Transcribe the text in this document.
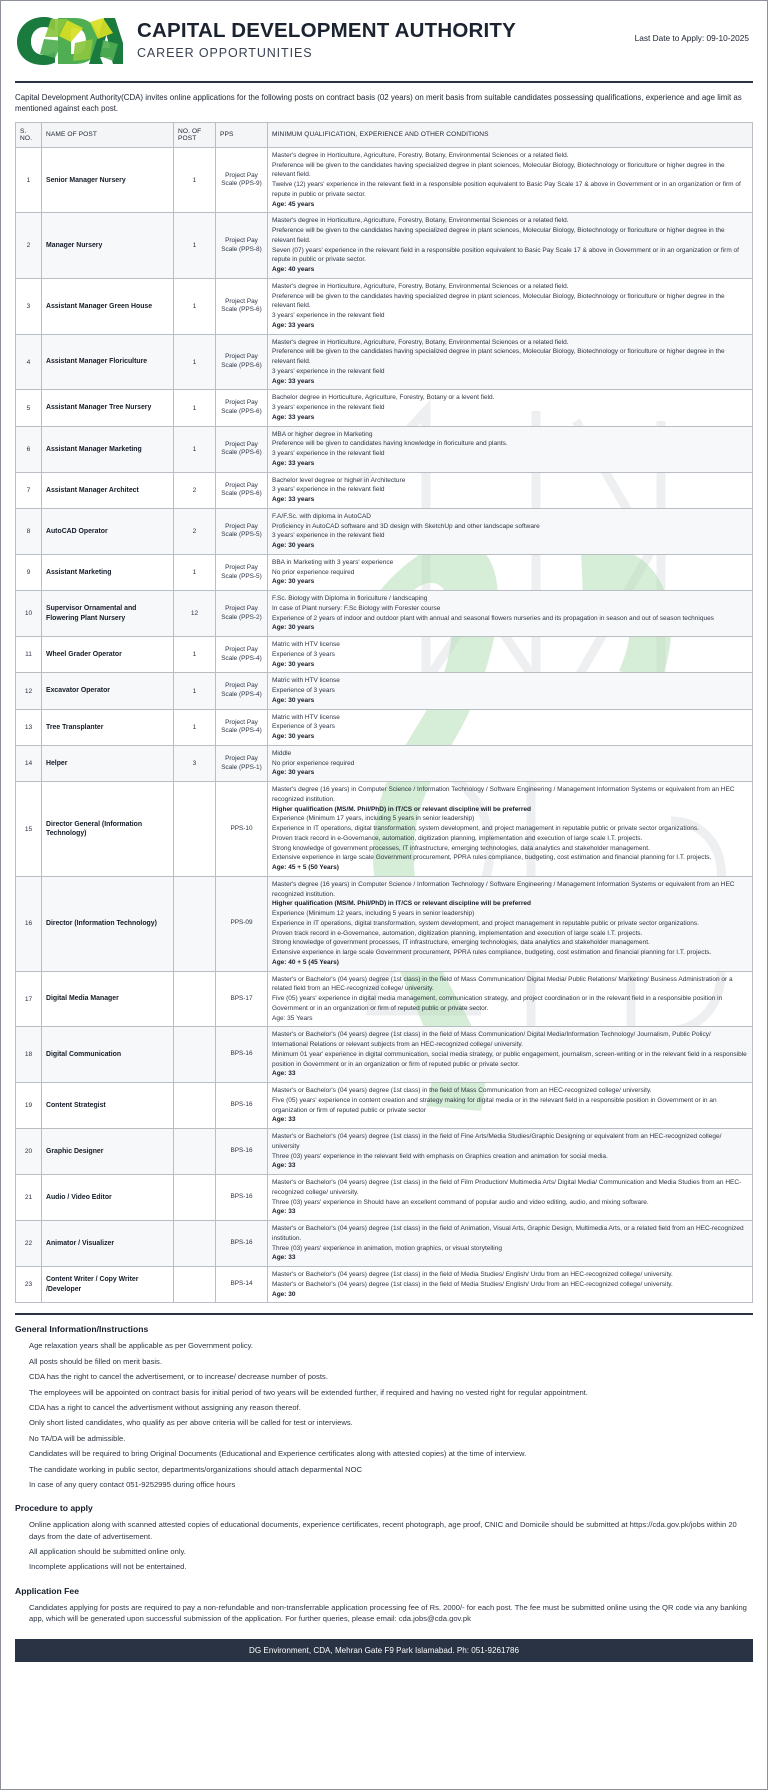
CAPITAL DEVELOPMENT AUTHORITY
CAREER OPPORTUNITIES
Last Date to Apply: 09-10-2025

Capital Development Authority(CDA) invites online applications for the following posts on contract basis (02 years) on merit basis from suitable candidates possessing qualifications, experience and age limit as mentioned against each post.

S. NO.	NAME OF POST	NO. OF POST	PPS	MINIMUM QUALIFICATION, EXPERIENCE AND OTHER CONDITIONS
1	Senior Manager Nursery	1	Project Pay Scale (PPS-9)	Master's degree in Horticulture, Agriculture, Forestry, Botany, Environmental Sciences or a related field.
Preference will be given to the candidates having specialized degree in plant sciences, Molecular Biology, Biotechnology or floriculture or higher degree in the relevant field.
Twelve (12) years' experience in the relevant field in a responsible position equivalent to Basic Pay Scale 17 & above in Government or in an organization or firm of repute in public or private sector.
Age: 45 years

2	Manager Nursery	1	Project Pay Scale (PPS-8)	Master's degree in Horticulture, Agriculture, Forestry, Botany, Environmental Sciences or a related field.
Preference will be given to the candidates having specialized degree in plant sciences, Molecular Biology, Biotechnology or floriculture or higher degree in the relevant field.
Seven (07) years' experience in the relevant field in a responsible position equivalent to Basic Pay Scale 17 & above in Government or in an organization or firm of repute in public or private sector.
Age: 40 years

3	Assistant Manager Green House	1	Project Pay Scale (PPS-6)	Master's degree in Horticulture, Agriculture, Forestry, Botany, Environmental Sciences or a related field.
Preference will be given to the candidates having specialized degree in plant sciences, Molecular Biology, Biotechnology or floriculture or higher degree in the relevant field.
3 years' experience in the relevant field
Age: 33 years

4	Assistant Manager Floriculture	1	Project Pay Scale (PPS-6)	Master's degree in Horticulture, Agriculture, Forestry, Botany, Environmental Sciences or a related field.
Preference will be given to the candidates having specialized degree in plant sciences, Molecular Biology, Biotechnology or floriculture or higher degree in the relevant field.
3 years' experience in the relevant field
Age: 33 years

5	Assistant Manager Tree Nursery	1	Project Pay Scale (PPS-6)	Bachelor degree in Horticulture, Agriculture, Forestry, Botany or a levent field.
3 years' experience in the relevant field
Age: 33 years

6	Assistant Manager Marketing	1	Project Pay Scale (PPS-6)	MBA or higher degree in Marketing
Preference will be given to candidates having knowledge in floriculture and plants.
3 years' experience in the relevant field
Age: 33 years

7	Assistant Manager Architect	2	Project Pay Scale (PPS-6)	Bachelor level degree or higher in Architecture
3 years' experience in the relevant field
Age: 33 years

8	AutoCAD Operator	2	Project Pay Scale (PPS-5)	F.A/F.Sc. with diploma in AutoCAD
Proficiency in AutoCAD software and 3D design with SketchUp and other landscape software
3 years' experience in the relevant field
Age: 30 years

9	Assistant Marketing	1	Project Pay Scale (PPS-5)	BBA in Marketing with 3 years' experience
No prior experience required
Age: 30 years

10	Supervisor Ornamental and Flowering Plant Nursery	12	Project Pay Scale (PPS-2)	F.Sc. Biology with Diploma in floriculture / landscaping
In case of Plant nursery: F.Sc Biology with Forester course
Experience of 2 years of indoor and outdoor plant with annual and seasonal flowers nurseries and its propagation in season and out of season techniques
Age: 30 years

11	Wheel Grader Operator	1	Project Pay Scale (PPS-4)	Matric with HTV license
Experience of 3 years
Age: 30 years

12	Excavator Operator	1	Project Pay Scale (PPS-4)	Matric with HTV license
Experience of 3 years
Age: 30 years

13	Tree Transplanter	1	Project Pay Scale (PPS-4)	Matric with HTV license
Experience of 3 years
Age: 30 years

14	Helper	3	Project Pay Scale (PPS-1)	Middle
No prior experience required
Age: 30 years

15	Director General (Information Technology)		PPS-10	
Master's degree (16 years) in Computer Science / Information Technology / Software Engineering / Management Information Systems or equivalent from an HEC recognized institution.
Higher qualification (MS/M. Phil/PhD) in IT/CS or relevant discipline will be preferred
Experience (Minimum 17 years, including 5 years in senior leadership)
Experience in IT operations, digital transformation, system development, and project management in reputable public or private sector organizations.
Proven track record in e-Governance, automation, digitization planning, implementation and execution of large scale I.T. projects.
Strong knowledge of government processes, IT infrastructure, emerging technologies, data analytics and stakeholder management.
Extensive experience in large scale Government procurement, PPRA rules compliance, budgeting, cost estimation and financial planning for I.T. projects.
Age: 45 + 5 (50 Years)

16	Director (Information Technology)		PPS-09	
Master's degree (16 years) in Computer Science / Information Technology / Software Engineering / Management Information Systems or equivalent from an HEC recognized institution.
Higher qualification (MS/M. Phil/PhD) in IT/CS or relevant discipline will be preferred
Experience (Minimum 12 years, including 5 years in senior leadership)
Experience in IT operations, digital transformation, system development, and project management in reputable public or private sector organizations.
Proven track record in e-Governance, automation, digitization planning, implementation and execution of large scale I.T. projects.
Strong knowledge of government processes, IT infrastructure, emerging technologies, data analytics and stakeholder management.
Extensive experience in large scale Government procurement, PPRA rules compliance, budgeting, cost estimation and financial planning for I.T. projects.
Age: 40 + 5 (45 Years)

17	Digital Media Manager		BPS-17	Master's or Bachelor's (04 years) degree (1st class) in the field of Mass Communication/ Digital Media/ Public Relations/ Marketing/ Business Administration or a related field from an HEC-recognized college/ university.
Five (05) years' experience in digital media management, communication strategy, and project coordination or in the relevant field in a responsible position in Government or in an organization or firm of reputed public or private sector.
Age: 35 Years

18	Digital Communication		BPS-16	Master's or Bachelor's (04 years) degree (1st class) in the field of Mass Communication/ Digital Media/Information Technology/ Journalism, Public Policy/ International Relations or relevant subjects from an HEC-recognized college/ university.
Minimum 01 year' experience in digital communication, social media strategy, or public engagement, journalism, screen-writing or in the relevant field in a responsible position in Government or in an organization or firm of reputed public or private sector.
Age: 33

19	Content Strategist		BPS-16	Master's or Bachelor's (04 years) degree (1st class) in the field of Mass Communication from an HEC-recognized college/ university.
Five (05) years' experience in content creation and strategy making for digital media or in the relevant field in a responsible position in Government or in an organization or firm of reputed public or private sector
Age: 33

20	Graphic Designer		BPS-16	Master's or Bachelor's (04 years) degree (1st class) in the field of Fine Arts/Media Studies/Graphic Designing or equivalent from an HEC-recognized college/ university
Three (03) years' experience in the relevant field with emphasis on Graphics creation and animation for social media.
Age: 33

21	Audio / Video Editor		BPS-16	Master's or Bachelor's (04 years) degree (1st class) in the field of Film Production/ Multimedia Arts/ Digital Media/ Communication and Media Studies from an HEC-recognized college/ university.
Three (03) years' experience in Should have an excellent command of popular audio and video editing, audio, and mixing software.
Age: 33

22	Animator / Visualizer		BPS-16	Master's or Bachelor's (04 years) degree (1st class) in the field of Animation, Visual Arts, Graphic Design, Multimedia Arts, or a related field from an HEC-recognized institution.
Three (03) years' experience in animation, motion graphics, or visual storytelling
Age: 33

23	Content Writer / Copy Writer /Developer		BPS-14	Master's or Bachelor's (04 years) degree (1st class) in the field of Media Studies/ English/ Urdu from an HEC-recognized college/ university.
Master's or Bachelor's (04 years) degree (1st class) in the field of Media Studies/ English/ Urdu from an HEC-recognized college/ university.
Age: 30
General Information/Instructions
Age relaxation years shall be applicable as per Government policy.
All posts should be filled on merit basis.
CDA has the right to cancel the advertisement, or to increase/ decrease number of posts.
The employees will be appointed on contract basis for initial period of two years will be extended further, if required and having no vested right for regular appointment.
CDA has a right to cancel the advertisment without assigning any reason thereof.
Only short listed candidates, who qualify as per above criteria will be called for test or interviews.
No TA/DA will be admissible.
Candidates will be required to bring Original Documents (Educational and Experience certificates along with attested copies) at the time of interview.
The candidate working in public sector, departments/organizations should attach deparmental NOC
In case of any query contact 051-9252995 during office hours
Procedure to apply
Online application along with scanned attested copies of educational documents, experience certificates, recent photograph, age proof, CNIC and Domicile should be submitted at https://cda.gov.pk/jobs within 20 days from the date of advertisement.
All application should be submitted online only.
Incomplete applications will not be entertained.
Application Fee
Candidates applying for posts are required to pay a non-refundable and non-transferrable application processing fee of Rs. 2000/- for each post. The fee must be submitted online using the QR code via any banking app, which will be generated upon successful submission of the application. For further queries, please email: cda.jobs@cda.gov.pk
DG Environment, CDA, Mehran Gate F9 Park Islamabad. Ph: 051-9261786
